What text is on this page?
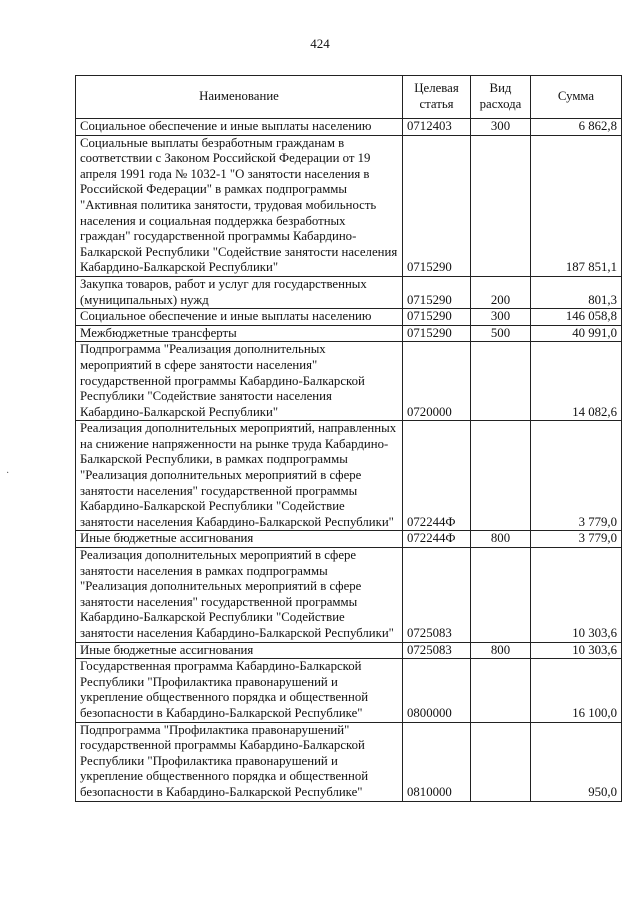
424
·
Наименование	Целевая статья	Вид расхода	Сумма
Социальное обеспечение и иные выплаты населению	0712403	300	6 862,8
Социальные выплаты безработным гражданам в соответствии с Законом Российской Федерации от 19 апреля 1991 года № 1032-1 "О занятости населения в Российской Федерации" в рамках подпрограммы "Активная политика занятости, трудовая мобильность населения и социальная поддержка безработных граждан" государственной программы Кабардино-Балкарской Республики "Содействие занятости населения Кабардино-Балкарской Республики"	0715290		187 851,1
Закупка товаров, работ и услуг для государственных (муниципальных) нужд	0715290	200	801,3
Социальное обеспечение и иные выплаты населению	0715290	300	146 058,8
Межбюджетные трансферты	0715290	500	40 991,0
Подпрограмма "Реализация дополнительных мероприятий в сфере занятости населения" государственной программы Кабардино-Балкарской Республики "Содействие занятости населения Кабардино-Балкарской Республики"	0720000		14 082,6
Реализация дополнительных мероприятий, направленных на снижение напряженности на рынке труда Кабардино-Балкарской Республики, в рамках подпрограммы "Реализация дополнительных мероприятий в сфере занятости населения" государственной программы Кабардино-Балкарской Республики "Содействие занятости населения Кабардино-Балкарской Республики"	072244Ф		3 779,0
Иные бюджетные ассигнования	072244Ф	800	3 779,0
Реализация дополнительных мероприятий в сфере занятости населения в рамках подпрограммы "Реализация дополнительных мероприятий в сфере занятости населения" государственной программы Кабардино-Балкарской Республики "Содействие занятости населения Кабардино-Балкарской Республики"	0725083		10 303,6
Иные бюджетные ассигнования	0725083	800	10 303,6
Государственная программа Кабардино-Балкарской Республики "Профилактика правонарушений и укрепление общественного порядка и общественной безопасности в Кабардино-Балкарской Республике"	0800000		16 100,0
Подпрограмма "Профилактика правонарушений" государственной программы Кабардино-Балкарской Республики "Профилактика правонарушений и укрепление общественного порядка и общественной безопасности в Кабардино-Балкарской Республике"	0810000		950,0
